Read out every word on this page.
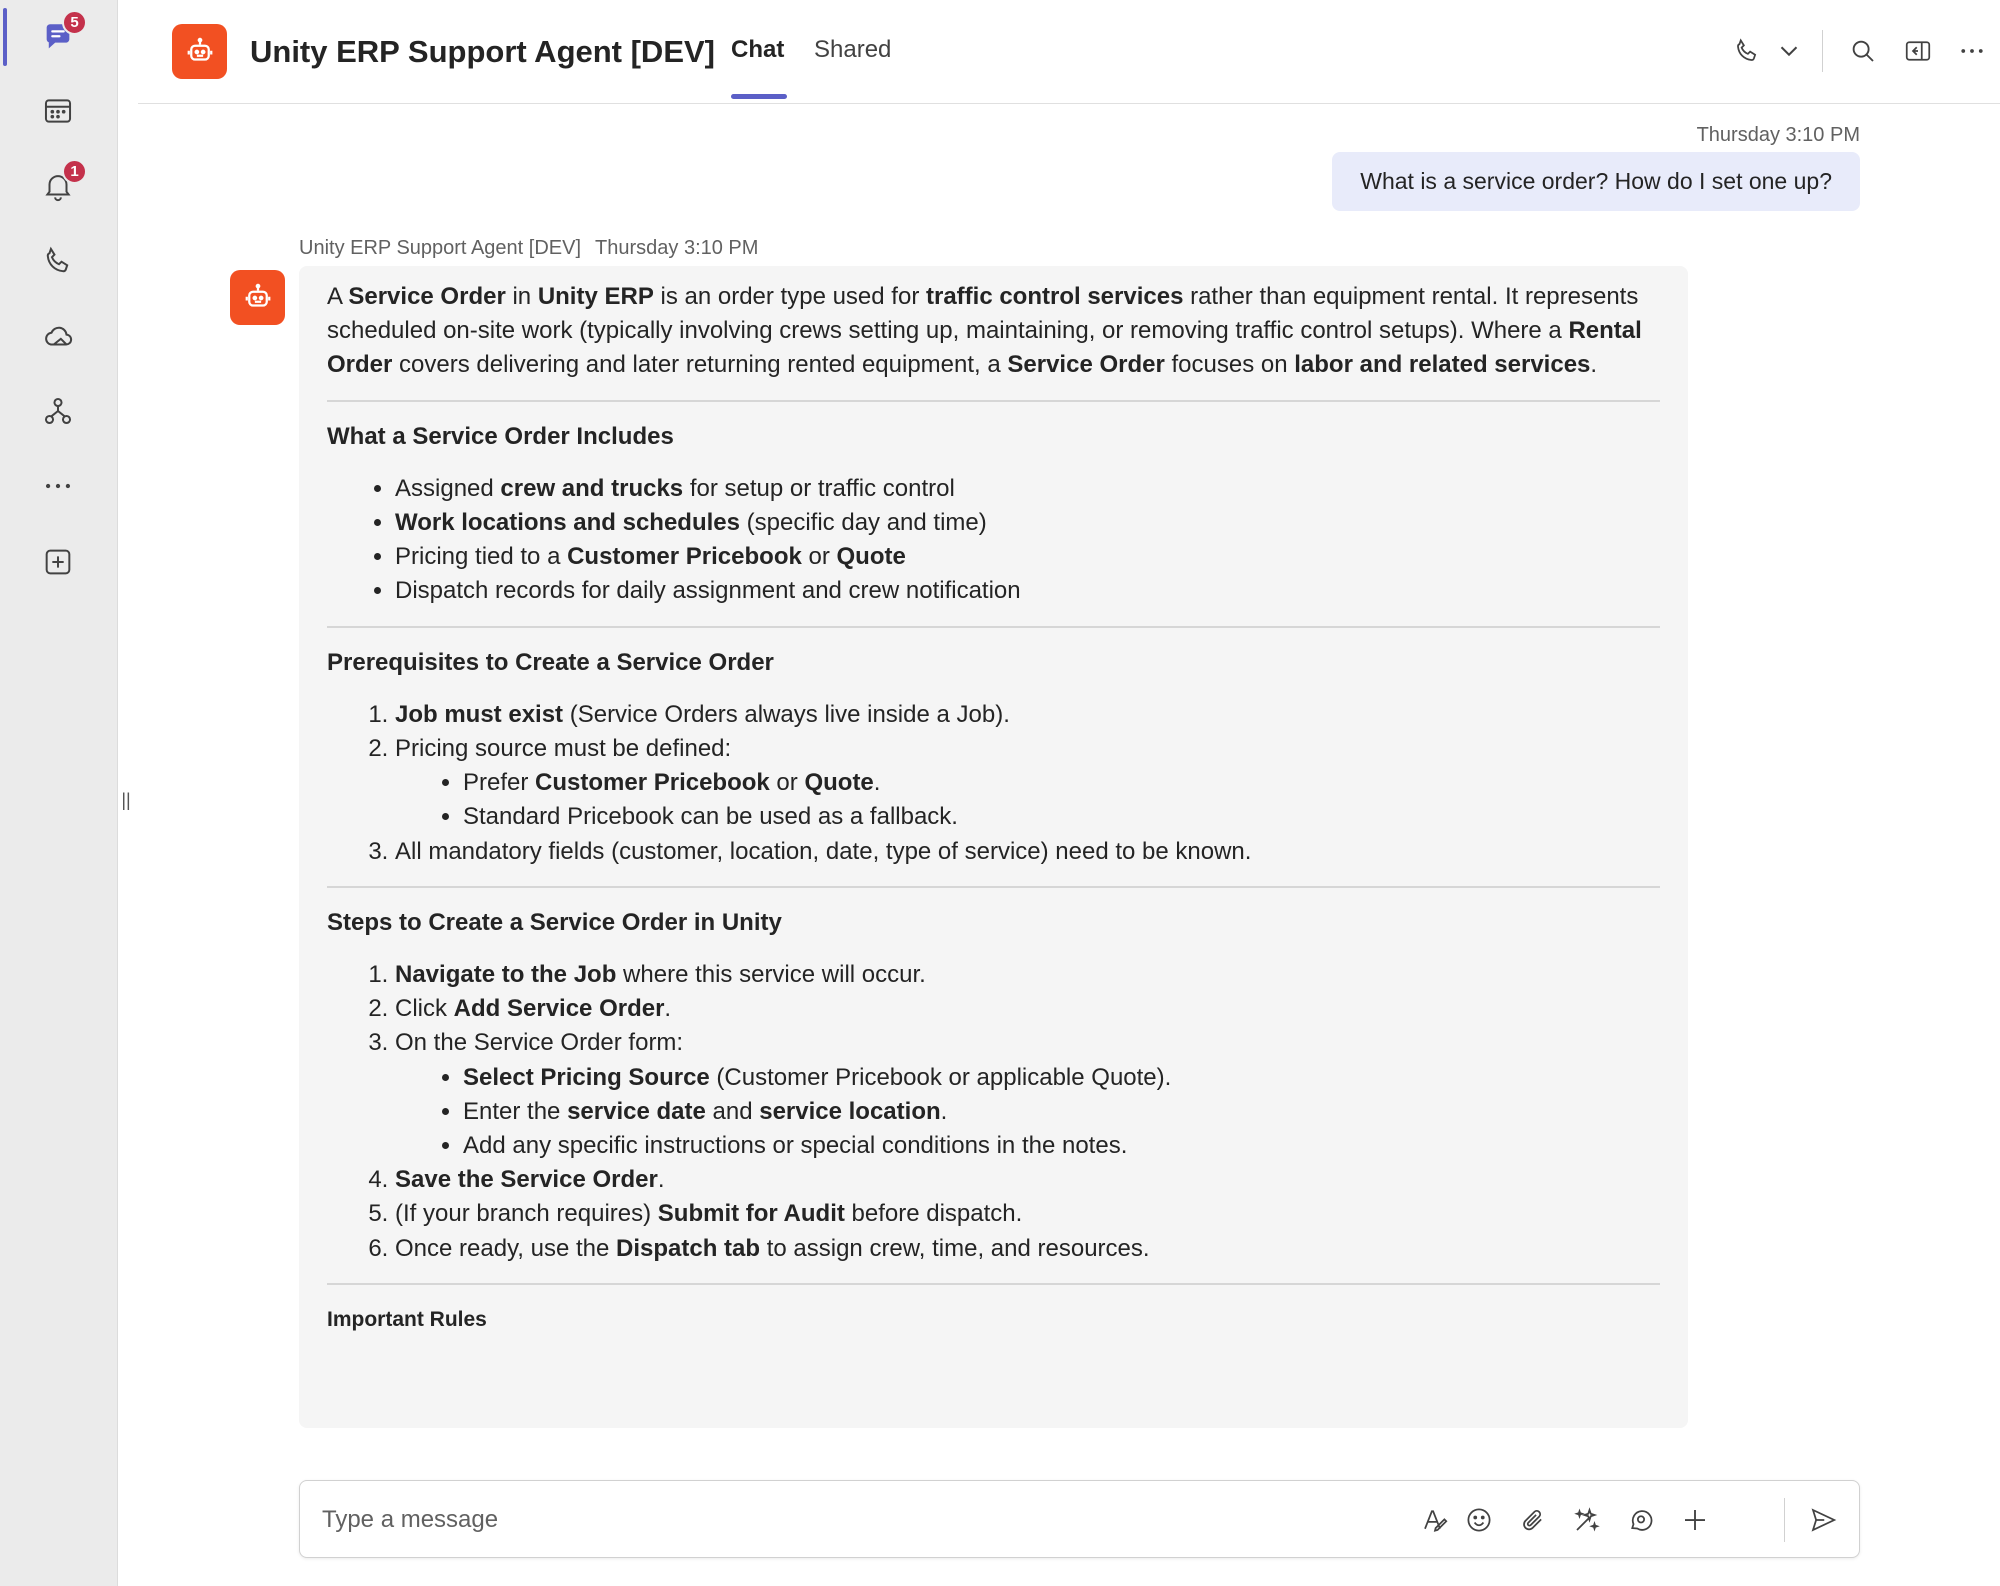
5
1
||
Unity ERP Support Agent [DEV] Chat Shared
Thursday 3:10 PM
What is a service order? How do I set one up?
Unity ERP Support Agent [DEV] Thursday 3:10 PM

A Service Order in Unity ERP is an order type used for traffic control services rather than equipment rental. It represents scheduled on-site work (typically involving crews setting up, maintaining, or removing traffic control setups). Where a Rental Order covers delivering and later returning rented equipment, a Service Order focuses on labor and related services.

What a Service Order Includes
• Assigned crew and trucks for setup or traffic control
• Work locations and schedules (specific day and time)
• Pricing tied to a Customer Pricebook or Quote
• Dispatch records for daily assignment and crew notification
Prerequisites to Create a Service Order
1. Job must exist (Service Orders always live inside a Job).
2. Pricing source must be defined:
• Prefer Customer Pricebook or Quote.
• Standard Pricebook can be used as a fallback.
3. All mandatory fields (customer, location, date, type of service) need to be known.
Steps to Create a Service Order in Unity
1. Navigate to the Job where this service will occur.
2. Click Add Service Order.
3. On the Service Order form:
• Select Pricing Source (Customer Pricebook or applicable Quote).
• Enter the service date and service location.
• Add any specific instructions or special conditions in the notes.
4. Save the Service Order.
5. (If your branch requires) Submit for Audit before dispatch.
6. Once ready, use the Dispatch tab to assign crew, time, and resources.
Important Rules
Type a message
